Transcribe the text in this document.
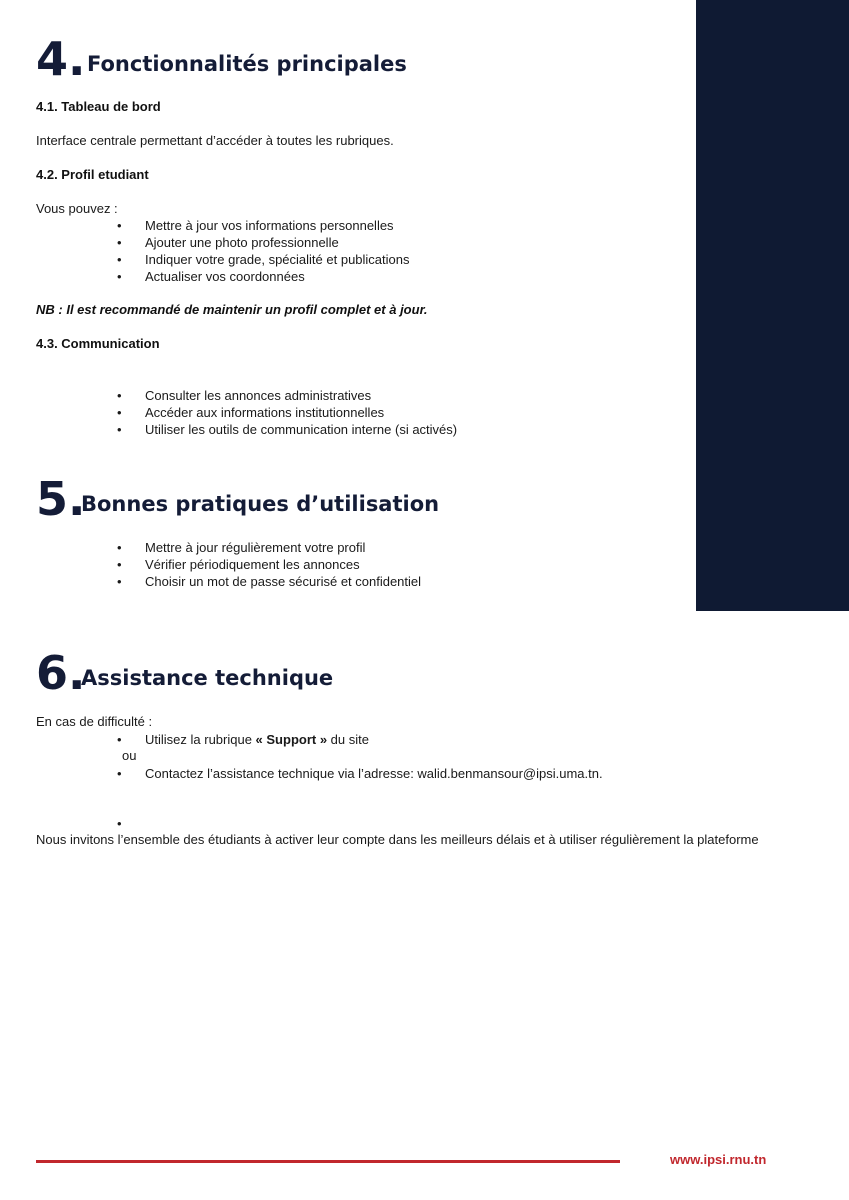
4. Fonctionnalités principales
4.1. Tableau de bord
Interface centrale permettant d’accéder à toutes les rubriques.
4.2. Profil etudiant
Vous pouvez :
• Mettre à jour vos informations personnelles
• Ajouter une photo professionnelle
• Indiquer votre grade, spécialité et publications
• Actualiser vos coordonnées
NB : Il est recommandé de maintenir un profil complet et à jour.
4.3. Communication
• Consulter les annonces administratives
• Accéder aux informations institutionnelles
• Utiliser les outils de communication interne (si activés)
5.
Bonnes pratiques d’utilisation
• Mettre à jour régulièrement votre profil
• Vérifier périodiquement les annonces
• Choisir un mot de passe sécurisé et confidentiel
6.
Assistance technique
En cas de difficulté :
• Utilisez la rubrique « Support » du site
ou
• Contactez l’assistance technique via l’adresse: walid.benmansour@ipsi.uma.tn.
•
Nous invitons l’ensemble des étudiants à activer leur compte dans les meilleurs délais et à utiliser régulièrement la plateforme
www.ipsi.rnu.tn
